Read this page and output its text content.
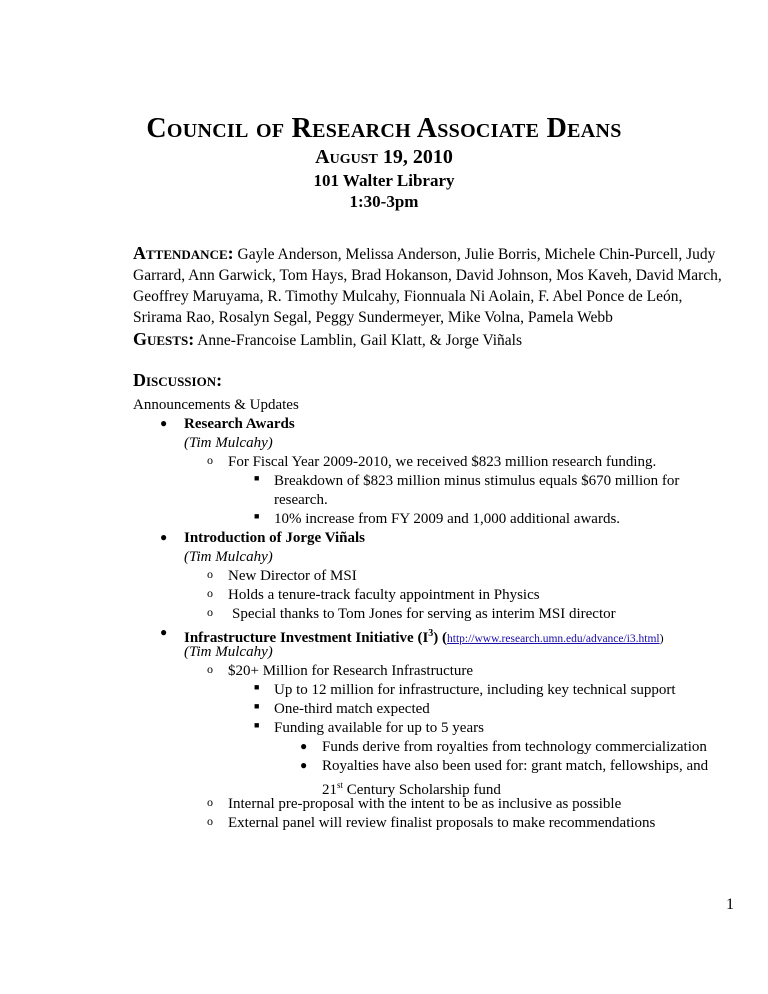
Council of Research Associate Deans
August 19, 2010
101 Walter Library
1:30-3pm
Attendance: Gayle Anderson, Melissa Anderson, Julie Borris, Michele Chin-Purcell, Judy
Garrard, Ann Garwick, Tom Hays, Brad Hokanson, David Johnson, Mos Kaveh, David March,
Geoffrey Maruyama, R. Timothy Mulcahy, Fionnuala Ni Aolain, F. Abel Ponce de León,
Srirama Rao, Rosalyn Segal, Peggy Sundermeyer, Mike Volna, Pamela Webb
Guests: Anne-Francoise Lamblin, Gail Klatt, & Jorge Viñals
Discussion:
Announcements & Updates
● Research Awards
(Tim Mulcahy)
o For Fiscal Year 2009-2010, we received $823 million research funding.
■ Breakdown of $823 million minus stimulus equals $670 million for
research.
■ 10% increase from FY 2009 and 1,000 additional awards.
● Introduction of Jorge Viñals
(Tim Mulcahy)
o New Director of MSI
o Holds a tenure-track faculty appointment in Physics
o Special thanks to Tom Jones for serving as interim MSI director
● Infrastructure Investment Initiative $(I^3)$ (http://www.research.umn.edu/advance/i3.html)
(Tim Mulcahy)
o $20+ Million for Research Infrastructure
■ Up to 12 million for infrastructure, including key technical support
■ One-third match expected
■ Funding available for up to 5 years
● Funds derive from royalties from technology commercialization
● Royalties have also been used for: grant match, fellowships, and
21st Century Scholarship fund
o Internal pre-proposal with the intent to be as inclusive as possible
o External panel will review finalist proposals to make recommendations
1
